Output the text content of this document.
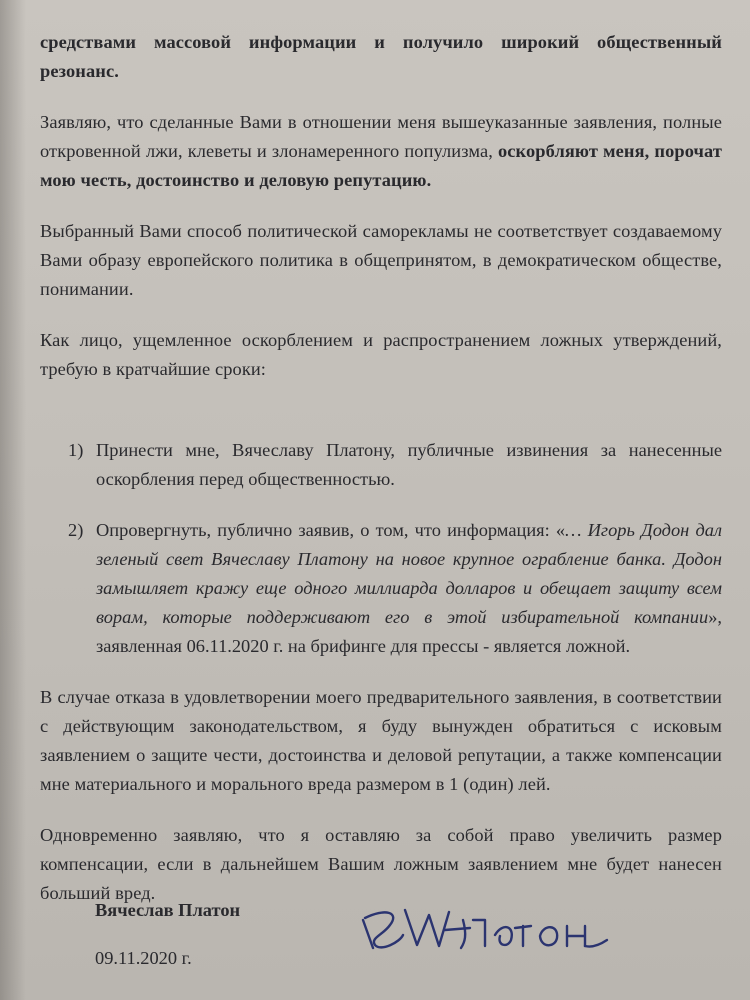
средствами массовой информации и получило широкий общественный резонанс.

Заявляю, что сделанные Вами в отношении меня вышеуказанные заявления, полные откровенной лжи, клеветы и злонамеренного популизма, оскорбляют меня, порочат мою честь, достоинство и деловую репутацию.

Выбранный Вами способ политической саморекламы не соответствует создаваемому Вами образу европейского политика в общепринятом, в демократическом обществе, понимании.

Как лицо, ущемленное оскорблением и распространением ложных утверждений, требую в кратчайшие сроки:

1) Принести мне, Вячеславу Платону, публичные извинения за нанесенные оскорбления перед общественностью.
2) Опровергнуть, публично заявив, о том, что информация: «… Игорь Додон дал зеленый свет Вячеславу Платону на новое крупное ограбление банка. Додон замышляет кражу еще одного миллиарда долларов и обещает защиту всем ворам, которые поддерживают его в этой избирательной компании», заявленная 06.11.2020 г. на брифинге для прессы - является ложной.

В случае отказа в удовлетворении моего предварительного заявления, в соответствии с действующим законодательством, я буду вынужден обратиться с исковым заявлением о защите чести, достоинства и деловой репутации, а также компенсации мне материального и морального вреда размером в 1 (один) лей.

Одновременно заявляю, что я оставляю за собой право увеличить размер компенсации, если в дальнейшем Вашим ложным заявлением мне будет нанесен больший вред.

Вячеслав Платон
09.11.2020 г.
